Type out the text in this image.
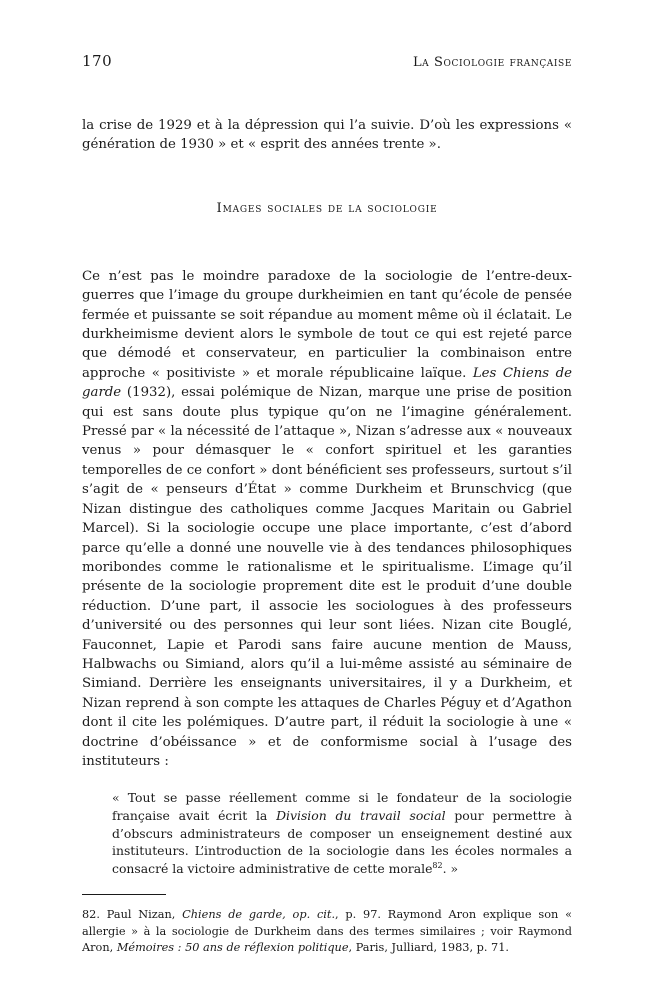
170	La Sociologie française

la crise de 1929 et à la dépression qui l’a suivie. D’où les expressions « génération de 1930 » et « esprit des années trente ».

Images sociales de la sociologie

Ce n’est pas le moindre paradoxe de la sociologie de l’entre-deux-guerres que l’image du groupe durkheimien en tant qu’école de pensée fermée et puissante se soit répandue au moment même où il éclatait. Le durkheimisme devient alors le symbole de tout ce qui est rejeté parce que démodé et conservateur, en particulier la combinaison entre approche « positiviste » et morale républicaine laïque. Les Chiens de garde (1932), essai polémique de Nizan, marque une prise de position qui est sans doute plus typique qu’on ne l’imagine généralement. Pressé par « la nécessité de l’attaque », Nizan s’adresse aux « nouveaux venus » pour démasquer le « confort spirituel et les garanties temporelles de ce confort » dont bénéficient ses professeurs, surtout s’il s’agit de « penseurs d’État » comme Durkheim et Brunschvicg (que Nizan distingue des catholiques comme Jacques Maritain ou Gabriel Marcel). Si la sociologie occupe une place importante, c’est d’abord parce qu’elle a donné une nouvelle vie à des tendances philosophiques moribondes comme le rationalisme et le spiritualisme. L’image qu’il présente de la sociologie proprement dite est le produit d’une double réduction. D’une part, il associe les sociologues à des professeurs d’université ou des personnes qui leur sont liées. Nizan cite Bouglé, Fauconnet, Lapie et Parodi sans faire aucune mention de Mauss, Halbwachs ou Simiand, alors qu’il a lui-même assisté au séminaire de Simiand. Derrière les enseignants universitaires, il y a Durkheim, et Nizan reprend à son compte les attaques de Charles Péguy et d’Agathon dont il cite les polémiques. D’autre part, il réduit la sociologie à une « doctrine d’obéissance » et de conformisme social à l’usage des instituteurs :

« Tout se passe réellement comme si le fondateur de la sociologie française avait écrit la Division du travail social pour permettre à d’obscurs administrateurs de composer un enseignement destiné aux instituteurs. L’introduction de la sociologie dans les écoles normales a consacré la victoire administrative de cette morale$^{82}$. »
82. Paul Nizan, Chiens de garde, op. cit., p. 97. Raymond Aron explique son « allergie » à la sociologie de Durkheim dans des termes similaires ; voir Raymond Aron, Mémoires : 50 ans de réflexion politique, Paris, Julliard, 1983, p. 71.
